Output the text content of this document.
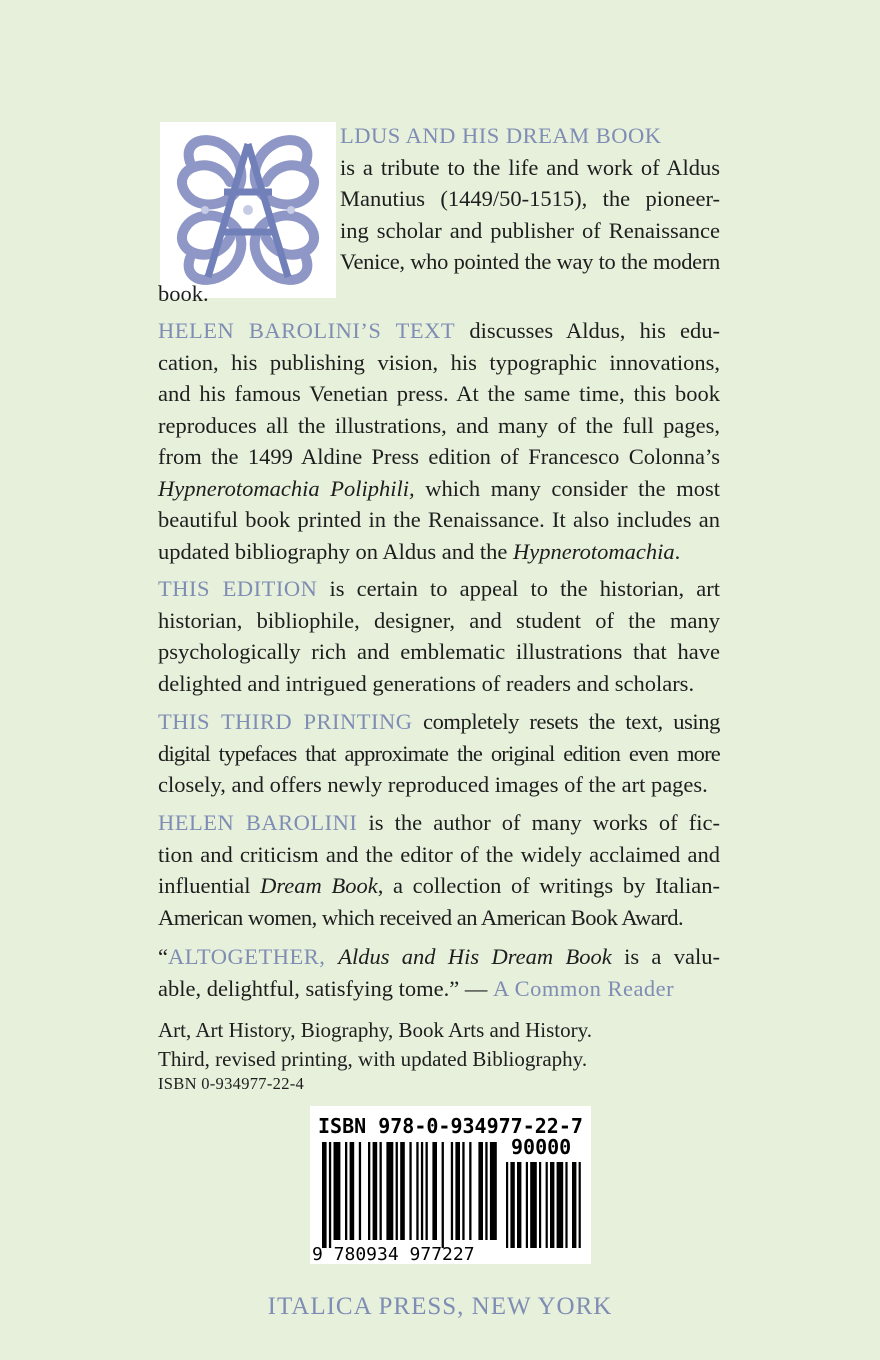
LDUS AND HIS DREAM BOOK
is a tribute to the life and work of Aldus
Manutius (1449/50-1515), the pioneer-
ing scholar and publisher of Renaissance
Venice, who pointed the way to the modern
book.
HELEN BAROLINI’S TEXT discusses Aldus, his edu-
cation, his publishing vision, his typographic innovations,
and his famous Venetian press. At the same time, this book
reproduces all the illustrations, and many of the full pages,
from the 1499 Aldine Press edition of Francesco Colonna’s
Hypnerotomachia Poliphili, which many consider the most
beautiful book printed in the Renaissance. It also includes an
updated bibliography on Aldus and the Hypnerotomachia.
THIS EDITION is certain to appeal to the historian, art
historian, bibliophile, designer, and student of the many
psychologically rich and emblematic illustrations that have
delighted and intrigued generations of readers and scholars.
THIS THIRD PRINTING completely resets the text, using
digital typefaces that approximate the original edition even more
closely, and offers newly reproduced images of the art pages.
HELEN BAROLINI is the author of many works of fic-
tion and criticism and the editor of the widely acclaimed and
influential Dream Book, a collection of writings by Italian-
American women, which received an American Book Award.
“ALTOGETHER, Aldus and His Dream Book is a valu-
able, delightful, satisfying tome.” — A Common Reader
Art, Art History, Biography, Book Arts and History.
Third, revised printing, with updated Bibliography.
ISBN 0-934977-22-4
ISBN 978-0-934977-22-7
90000
9 780934 977227
ITALICA PRESS, NEW YORK
